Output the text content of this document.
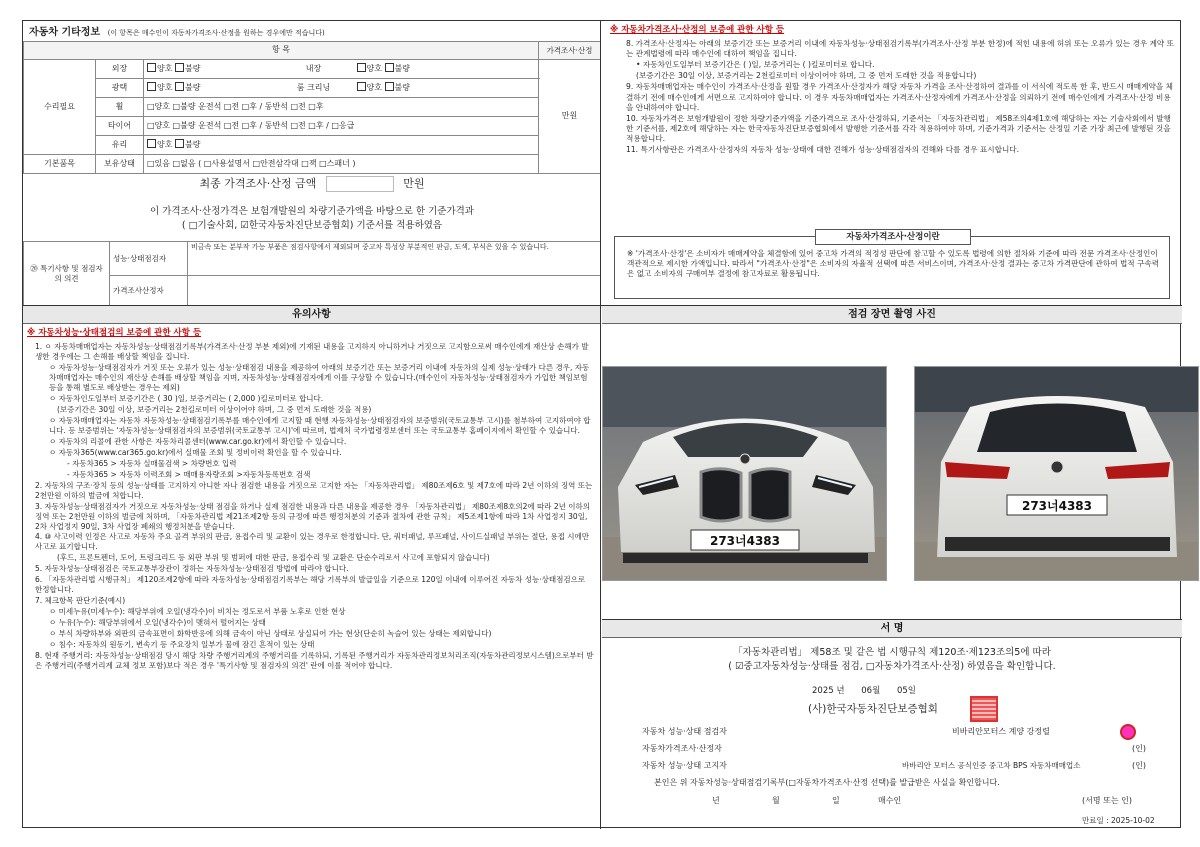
자동차 기타정보 (이 항목은 매수인이 자동차가격조사·산정을 원하는 경우에만 적습니다)
항 목					가격조사·산정
수리필요	외장	양호 불량	내장	양호 불량	만원
	광택	양호 불량	룸 크리닝	양호 불량	
	휠	□양호 □불량 운전석 □전 □후 / 동반석 □전 □후			
	타이어	□양호 □불량 운전석 □전 □후 / 동반석 □전 □후 / □응급			
	유리	양호 불량			
기본품목	보유상태	□있음 □없음 ( □사용설명서 □안전삼각대 □잭 □스패너 )			
최종 가격조사·산정 금액	만원
이 가격조사·산정가격은 보험개발원의 차량기준가액을 바탕으로 한 기준가격과
( □기술사회, ☑한국자동차진단보증협회) 기준서를 적용하였음
⑳ 특기사항 및 점검자의 의견	성능·상태점검자	비금속 또는 분부작 가능 부품은 점검사항에서 제외되며 중고차 특성상 부분적인 판금, 도색, 부식은 있을 수 있습니다.
	가격조사산정자	
※ 자동차가격조사·산정의 보증에 관한 사항 등
8. 가격조사·산정자는 아래의 보증기간 또는 보증거리 이내에 자동차성능·상태점검기록부(가격조사·산정 부분 한정)에 적힌 내용에 허위 또는 오류가 있는 경우 계약 또는 관계법령에 따라 매수인에 대하여 책임을 집니다.
• 자동차인도일부터 보증기간은 ( )일, 보증거리는 ( )킬로미터로 합니다.
(보증기간은 30일 이상, 보증거리는 2천킬로미터 이상이어야 하며, 그 중 먼저 도래한 것을 적용합니다)
9. 자동차매매업자는 매수인이 가격조사·산정을 원할 경우 가격조사·산정자가 해당 자동차 가격을 조사·산정하여 결과를 이 서식에 적도록 한 후, 반드시 매매계약을 체결하기 전에 매수인에게 서면으로 고지하여야 합니다. 이 경우 자동차매매업자는 가격조사·산정자에게 가격조사·산정을 의뢰하기 전에 매수인에게 가격조사·산정 비용을 안내하여야 합니다.
10. 자동차가격은 보험개발원이 정한 차량기준가액을 기준가격으로 조사·산정하되, 기준서는 「자동차관리법」 제58조의4제1호에 해당하는 자는 기술사회에서 발행한 기준서를, 제2호에 해당하는 자는 한국자동차진단보증협회에서 발행한 기준서를 각각 적용하여야 하며, 기준가격과 기준서는 산정일 기준 가장 최근에 발행된 것을 적용합니다.
11. 특기사항란은 가격조사·산정자의 자동차 성능·상태에 대한 견해가 성능·상태점검자의 견해와 다를 경우 표시합니다.
자동차가격조사·산정이란
※ '가격조사·산정'은 소비자가 매매계약을 체결함에 있어 중고차 가격의 적정성 판단에 참고할 수 있도록 법령에 의한 절차와 기준에 따라 전문 가격조사·산정인이 객관적으로 제시한 가액입니다. 따라서 "가격조사·산정"은 소비자의 자율적 선택에 따른 서비스이며, 가격조사·산정 결과는 중고차 가격판단에 관하여 법적 구속력은 없고 소비자의 구매여부 결정에 참고자료로 활용됩니다.
유의사항
※ 자동차성능·상태점검의 보증에 관한 사항 등
1. ㅇ 자동차매매업자는 자동차성능·상태점검기록부(가격조사·산정 부분 제외)에 기재된 내용을 고지하지 아니하거나 거짓으로 고지함으로써 매수인에게 재산상 손해가 발생한 경우에는 그 손해를 배상할 책임을 집니다.
ㅇ 자동차성능·상태점검자가 거짓 또는 오류가 있는 성능·상태점검 내용을 제공하여 아래의 보증기간 또는 보증거리 이내에 자동차의 실제 성능·상태가 다른 경우, 자동차매매업자는 매수인의 재산상 손해를 배상할 책임을 지며, 자동차성능·상태점검자에게 이를 구상할 수 있습니다.(매수인이 자동차성능·상태점검자가 가입한 책임보험 등을 통해 별도로 배상받는 경우는 제외)
ㅇ 자동차인도일부터 보증기간은 ( 30 )일, 보증거리는 ( 2,000 )킬로미터로 합니다.
(보증기간은 30일 이상, 보증거리는 2천킬로미터 이상이어야 하며, 그 중 먼저 도래한 것을 적용)
ㅇ 자동차매매업자는 자동차 자동차성능·상태점검기록부를 매수인에게 고지할 때 현행 자동차성능·상태점검자의 보증범위(국토교통부 고시)를 첨부하여 고지하여야 합니다. 등 보증범위는 '자동차성능·상태점검자의 보증범위(국토교통부 고시)'에 따르며, 법제처 국가법령정보센터 또는 국토교통부 홈페이지에서 확인할 수 있습니다.
ㅇ 자동차의 리콜에 관한 사항은 자동차리콜센터(www.car.go.kr)에서 확인할 수 있습니다.
ㅇ 자동차365(www.car365.go.kr)에서 실매물 조회 및 정비이력 확인을 할 수 있습니다.
- 자동차365 > 자동차 실매물검색 > 차량번호 입력
- 자동차365 > 자동차 이력조회 > 매매용자량조회 >자동차등록번호 검색
2. 자동차의 구조·장치 등의 성능·상태를 고지하지 아니한 자나 점검한 내용을 거짓으로 고지한 자는 「자동차관리법」 제80조제6호 및 제7호에 따라 2년 이하의 징역 또는 2천만원 이하의 벌금에 처합니다.
3. 자동차성능·상태점검자가 거짓으로 자동차성능·상태 점검을 하거나 실제 점검한 내용과 다른 내용을 제공한 경우 「자동차관리법」 제80조제8호의2에 따라 2년 이하의 징역 또는 2천만원 이하의 벌금에 처하며, 「자동차관리법 제21조제2항 등의 규정에 따른 행정처분의 기준과 절차에 관한 규칙」 제5조제1항에 따라 1차 사업정지 30일, 2차 사업정지 90일, 3차 사업장 폐쇄의 행정처분을 받습니다.
4. ⑩ 사고이력 인정은 사고로 자동차 주요 골격 부위의 판금, 용접수리 및 교환이 있는 경우로 한정합니다. 단, 쿼터패널, 루프패널, 사이드실패널 부위는 절단, 용접 시에만 사고로 표기합니다.
(후드, 프론트펜더, 도어, 트렁크리드 등 외판 부위 및 범퍼에 대한 판금, 용접수리 및 교환은 단순수리로서 사고에 포함되지 않습니다)
5. 자동차성능·상태점검은 국토교통부장관이 정하는 자동차성능·상태점검 방법에 따라야 합니다.
6. 「자동차관리법 시행규칙」 제120조제2항에 따라 자동차성능·상태점검기록부는 해당 기록부의 발급일을 기준으로 120일 이내에 이루어진 자동차 성능·상태점검으로 한정합니다.
7. 체크항목 판단기준(예시)
ㅇ 미세누유(미세누수): 해당부위에 오일(냉각수)이 비치는 정도로서 부품 노후로 인한 현상
ㅇ 누유(누수): 해당부위에서 오일(냉각수)이 맺혀서 떨어지는 상태
ㅇ 부식 차량하부와 외판의 금속표면이 화학반응에 의해 금속이 아닌 상태로 상실되어 가는 현상(단순히 녹슬어 있는 상태는 제외합니다)
ㅇ 침수: 자동차의 원동기, 변속기 등 주요장치 일부가 물에 잠긴 흔적이 있는 상태
8. 현재 주행거리: 자동차성능·상태점검 당시 해당 차량 주행거리계의 주행거리를 기록하되, 기록된 주행거리가 자동차관리정보처리조직(자동차관리정보시스템)으로부터 받은 주행거리(주행거리계 교체 정보 포함)보다 적은 경우 '특기사항 및 점검자의 의견' 란에 이를 적어야 합니다.
점검 장면 촬영 사진
273너4383
273너4383
서 명
「자동차관리법」 제58조 및 같은 법 시행규칙 제120조·제123조의5에 따라
( ☑중고자동차성능·상태를 점검, □자동차가격조사·산정) 하였음을 확인합니다.
2025 년 06월 05일
(사)한국자동차진단보증협회
자동차 성능·상태 점검자	비바리안모터스 계양 강정렬
자동차가격조사·산정자	(인)
자동차 성능·상태 고지자	바바리안 모터스 공식인증 중고차 BPS 자동차매매업소	(인)
본인은 위 자동차성능·상태점검기록부(□자동차가격조사·산정 선택)를 발급받은 사실을 확인합니다.
년	월	일	매수인	(서명 또는 인)
만료일 : 2025-10-02
